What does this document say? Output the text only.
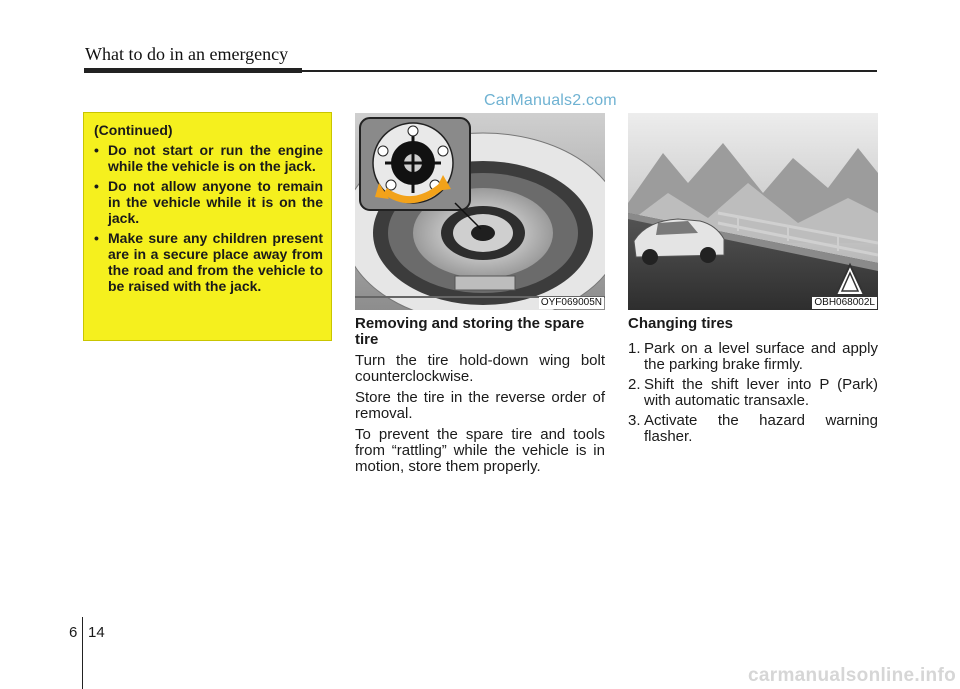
What to do in an emergency
CarManuals2.com
(Continued)
• Do not start or run the engine while the vehicle is on the jack.
• Do not allow anyone to remain in the vehicle while it is on the jack.
• Make sure any children present are in a secure place away from the road and from the vehicle to be raised with the jack.
OYF069005N	OBH068002L
Removing and storing the spare tire
Turn the tire hold-down wing bolt counterclockwise.
Store the tire in the reverse order of removal.
To prevent the spare tire and tools from “rattling” while the vehicle is in motion, store them properly.
Changing tires
1. Park on a level surface and apply the parking brake firmly.
2. Shift the shift lever into P (Park) with automatic transaxle.
3. Activate the hazard warning flasher.
6 14
carmanualsonline.info
